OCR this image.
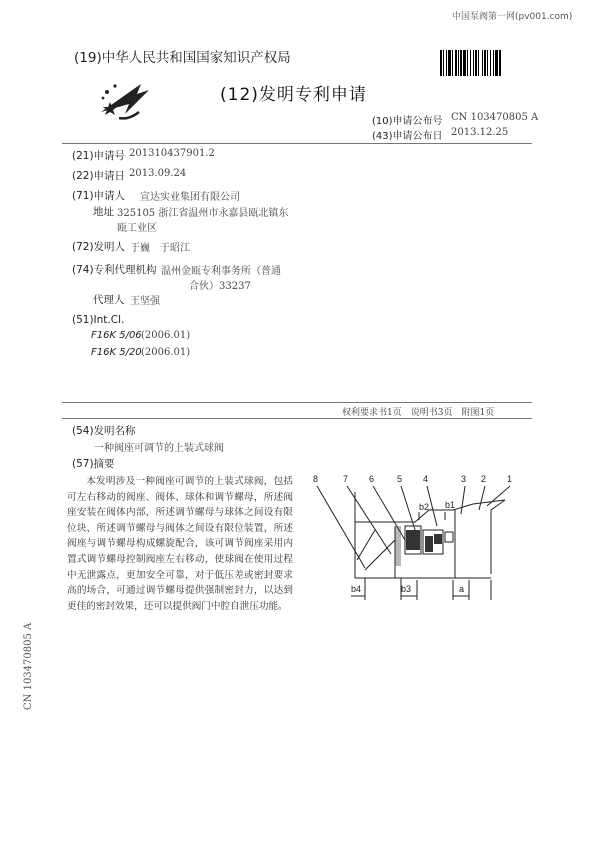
中国泵阀第一网(pv001.com)
(19)中华人民共和国国家知识产权局
(12)发明专利申请
(10)申请公布号 CN 103470805 A
(43)申请公布日 2013.12.25
(21)申请号 201310437901.2
(22)申请日 2013.09.24
(71)申请人 宣达实业集团有限公司
地址 325105 浙江省温州市永嘉县瓯北镇东
瓯工业区
(72)发明人 于巍　于昭江
(74)专利代理机构 温州金瓯专利事务所（普通
合伙）33237
代理人 王坚强
(51)Int.Cl.
F16K 5/06 (2006.01)
F16K 5/20 (2006.01)
权利要求书1页　说明书3页　附图1页
(54)发明名称
一种阀座可调节的上装式球阀
(57)摘要

本发明涉及一种阀座可调节的上装式球阀，包括可左右移动的阀座、阀体、球体和调节螺母，所述阀座安装在阀体内部，所述调节螺母与球体之间设有限位块，所述调节螺母与阀体之间设有限位装置，所述阀座与调节螺母构成螺旋配合，该可调节阀座采用内置式调节螺母控制阀座左右移动，使球阀在使用过程中无泄露点，更加安全可靠，对于低压差或密封要求高的场合，可通过调节螺母提供强制密封力，以达到更佳的密封效果，还可以提供阀门中腔自泄压功能。

8	7 6	5 4	3 2 1
b2 b1
b4	b3	a
CN 103470805 A
